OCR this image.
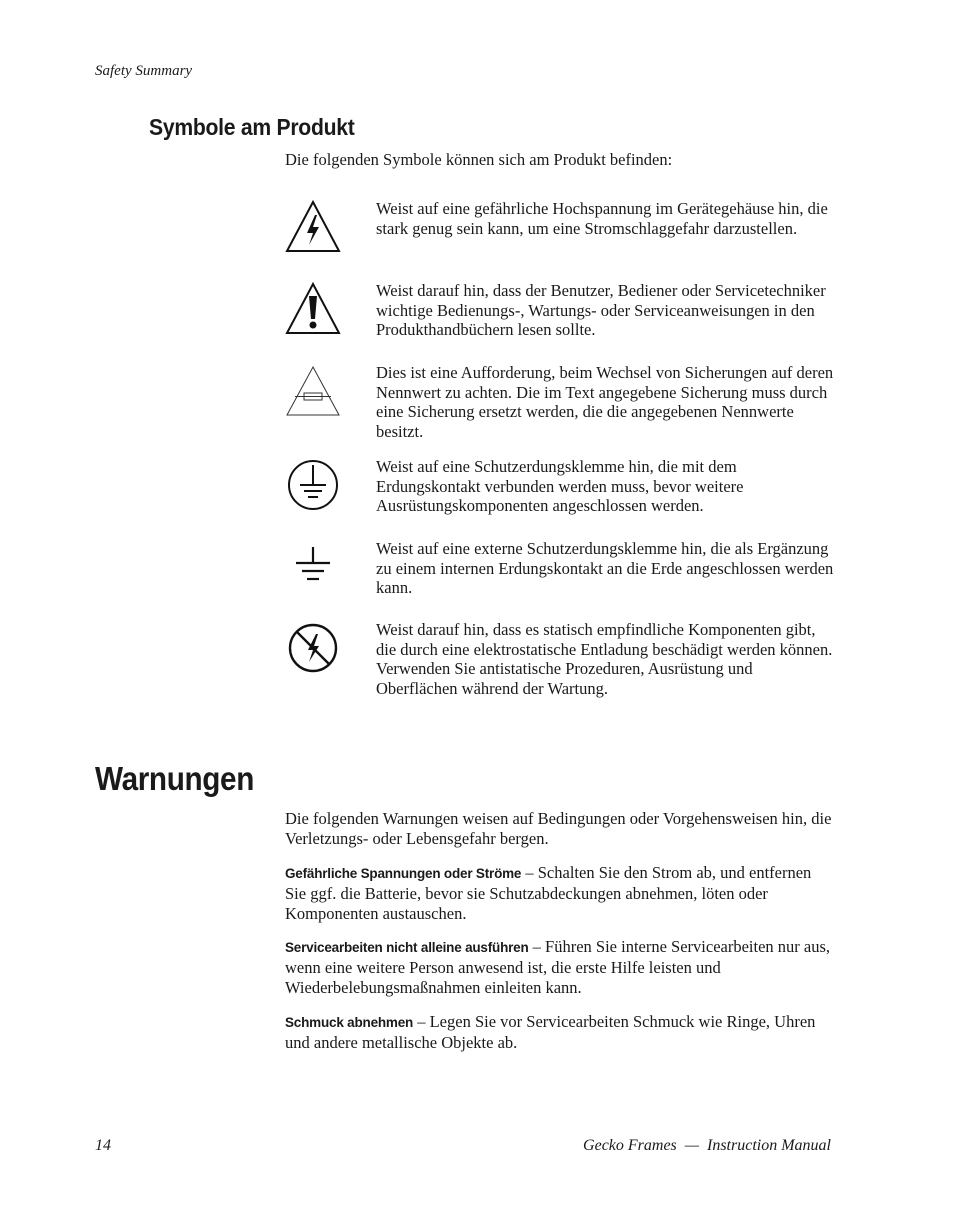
Safety Summary
Symbole am Produkt

Die folgenden Symbole können sich am Produkt befinden:

Weist auf eine gefährliche Hochspannung im Gerätegehäuse hin, die stark genug sein kann, um eine Stromschlaggefahr darzustellen.

Weist darauf hin, dass der Benutzer, Bediener oder Servicetechniker wichtige Bedienungs-, Wartungs- oder Serviceanweisungen in den Produkthandbüchern lesen sollte.

Dies ist eine Aufforderung, beim Wechsel von Sicherungen auf deren Nennwert zu achten. Die im Text angegebene Sicherung muss durch eine Sicherung ersetzt werden, die die angegebenen Nennwerte besitzt.

Weist auf eine Schutzerdungsklemme hin, die mit dem Erdungskontakt verbunden werden muss, bevor weitere Ausrüstungskomponenten angeschlossen werden.

Weist auf eine externe Schutzerdungsklemme hin, die als Ergänzung zu einem internen Erdungskontakt an die Erde angeschlossen werden kann.

Weist darauf hin, dass es statisch empfindliche Komponenten gibt, die durch eine elektrostatische Entladung beschädigt werden können. Verwenden Sie antistatische Prozeduren, Ausrüstung und Oberflächen während der Wartung.

Warnungen

Die folgenden Warnungen weisen auf Bedingungen oder Vorgehensweisen hin, die Verletzungs- oder Lebensgefahr bergen.

Gefährliche Spannungen oder Ströme – Schalten Sie den Strom ab, und entfernen Sie ggf. die Batterie, bevor sie Schutzabdeckungen abnehmen, löten oder Komponenten austauschen.

Servicearbeiten nicht alleine ausführen – Führen Sie interne Servicearbeiten nur aus, wenn eine weitere Person anwesend ist, die erste Hilfe leisten und Wiederbelebungsmaßnahmen einleiten kann.

Schmuck abnehmen – Legen Sie vor Servicearbeiten Schmuck wie Ringe, Uhren und andere metallische Objekte ab.

14	Gecko Frames  —  Instruction Manual
